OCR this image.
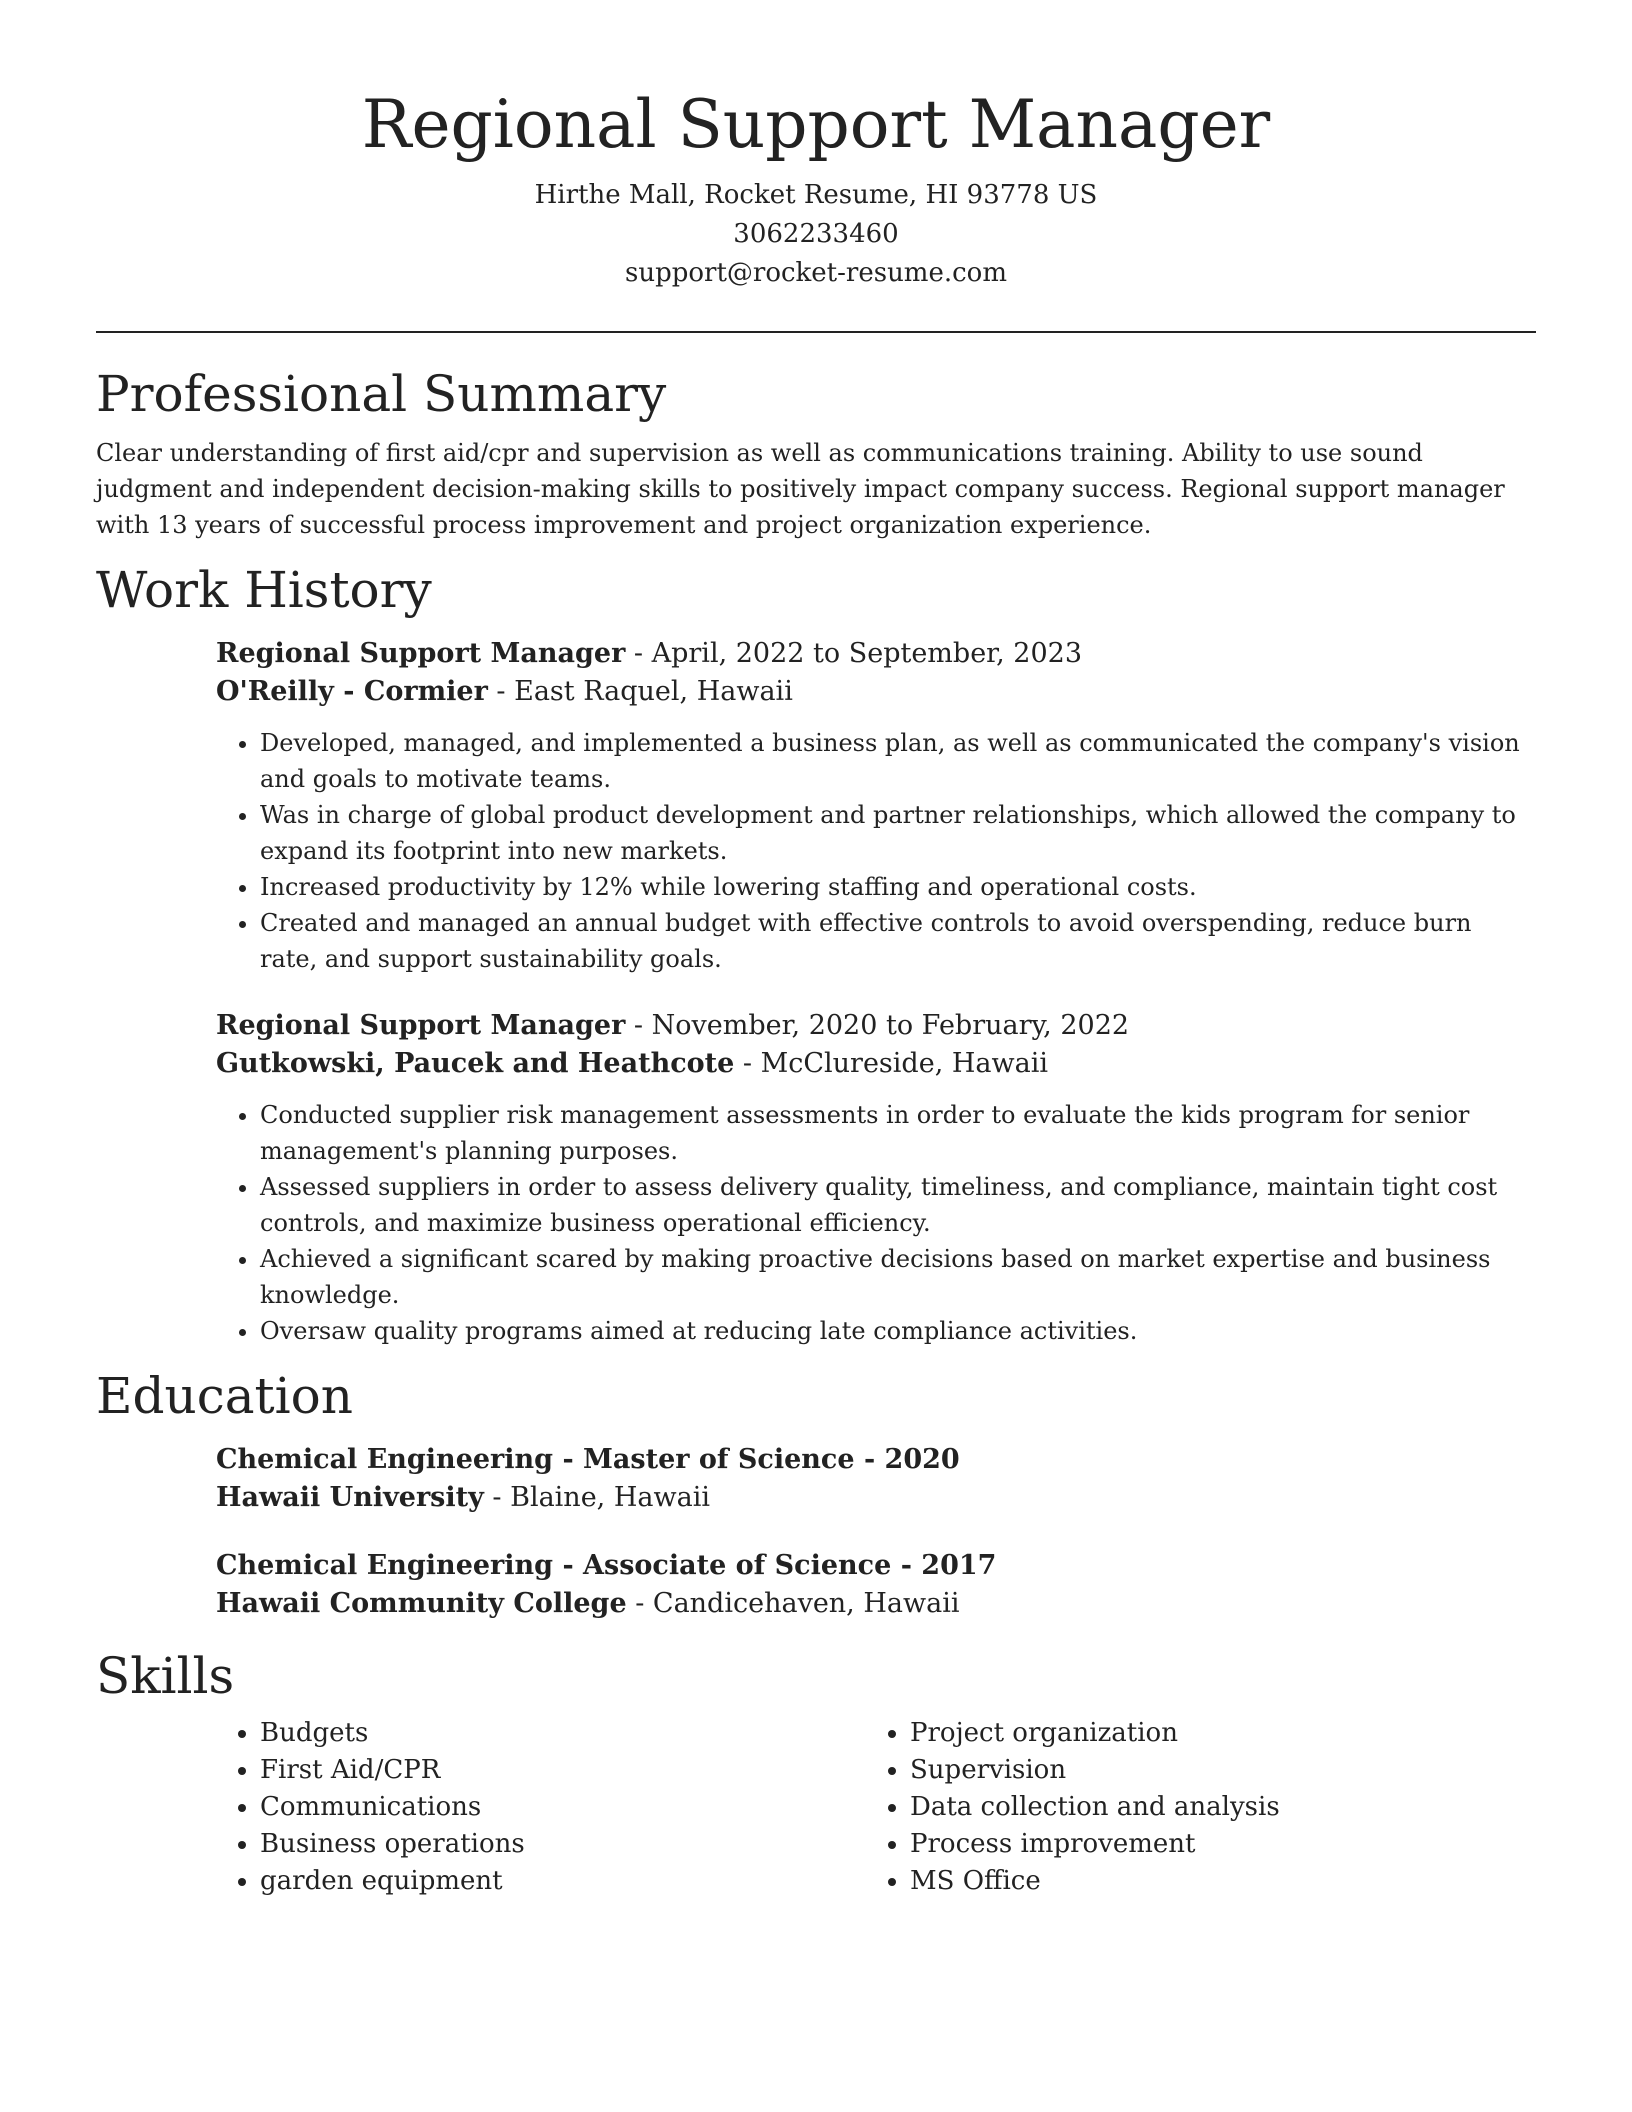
Regional Support Manager
Hirthe Mall, Rocket Resume, HI 93778 US
3062233460
support@rocket-resume.com
Professional Summary

Clear understanding of first aid/cpr and supervision as well as communications training. Ability to use sound judgment and independent decision-making skills to positively impact company success. Regional support manager with 13 years of successful process improvement and project organization experience.

Work History
Regional Support Manager - April, 2022 to September, 2023
O'Reilly - Cormier - East Raquel, Hawaii
• Developed, managed, and implemented a business plan, as well as communicated the company's vision and goals to motivate teams.
• Was in charge of global product development and partner relationships, which allowed the company to expand its footprint into new markets.
• Increased productivity by 12% while lowering staffing and operational costs.
• Created and managed an annual budget with effective controls to avoid overspending, reduce burn rate, and support sustainability goals.
Regional Support Manager - November, 2020 to February, 2022
Gutkowski, Paucek and Heathcote - McClureside, Hawaii
• Conducted supplier risk management assessments in order to evaluate the kids program for senior management's planning purposes.
• Assessed suppliers in order to assess delivery quality, timeliness, and compliance, maintain tight cost controls, and maximize business operational efficiency.
• Achieved a significant scared by making proactive decisions based on market expertise and business knowledge.
• Oversaw quality programs aimed at reducing late compliance activities.
Education
Chemical Engineering - Master of Science - 2020
Hawaii University - Blaine, Hawaii
Chemical Engineering - Associate of Science - 2017
Hawaii Community College - Candicehaven, Hawaii
Skills
• Budgets
• First Aid/CPR
• Communications
• Business operations
• garden equipment
• Project organization
• Supervision
• Data collection and analysis
• Process improvement
• MS Office
